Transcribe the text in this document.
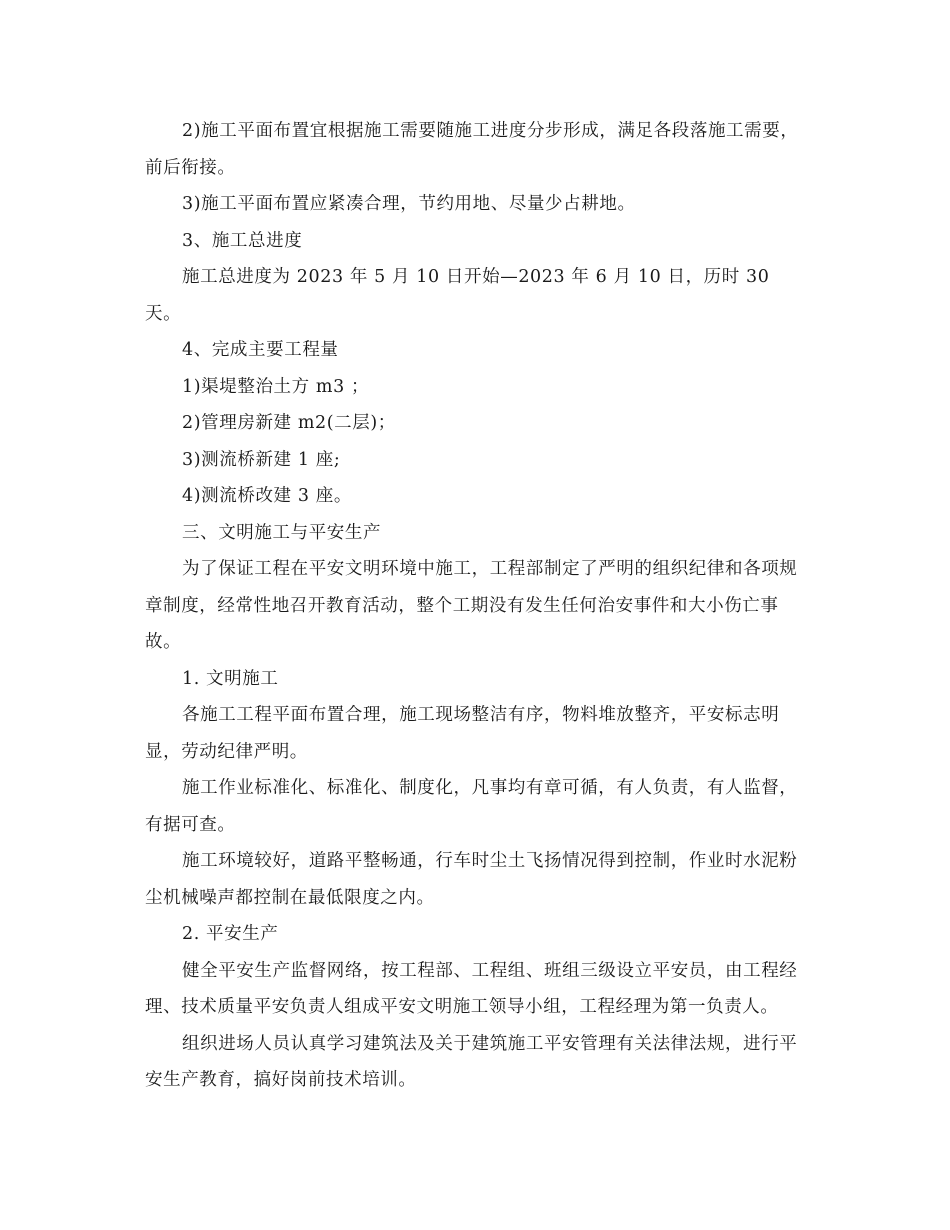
2)施工平面布置宜根据施工需要随施工进度分步形成，满足各段落施工需要，前后衔接。

3)施工平面布置应紧凑合理，节约用地、尽量少占耕地。

3、施工总进度

施工总进度为 2023 年 5 月 10 日开始—2023 年 6 月 10 日，历时 30 天。

4、完成主要工程量

1)渠堤整治土方 m3 ；

2)管理房新建 m2(二层)；

3)测流桥新建 1 座;

4)测流桥改建 3 座。

三、文明施工与平安生产

为了保证工程在平安文明环境中施工，工程部制定了严明的组织纪律和各项规章制度，经常性地召开教育活动，整个工期没有发生任何治安事件和大小伤亡事故。

1. 文明施工

各施工工程平面布置合理，施工现场整洁有序，物料堆放整齐，平安标志明显，劳动纪律严明。

施工作业标准化、标准化、制度化，凡事均有章可循，有人负责，有人监督，有据可查。

施工环境较好，道路平整畅通，行车时尘土飞扬情况得到控制，作业时水泥粉尘机械噪声都控制在最低限度之内。

2. 平安生产

健全平安生产监督网络，按工程部、工程组、班组三级设立平安员，由工程经理、技术质量平安负责人组成平安文明施工领导小组，工程经理为第一负责人。

组织进场人员认真学习建筑法及关于建筑施工平安管理有关法律法规，进行平安生产教育，搞好岗前技术培训。
